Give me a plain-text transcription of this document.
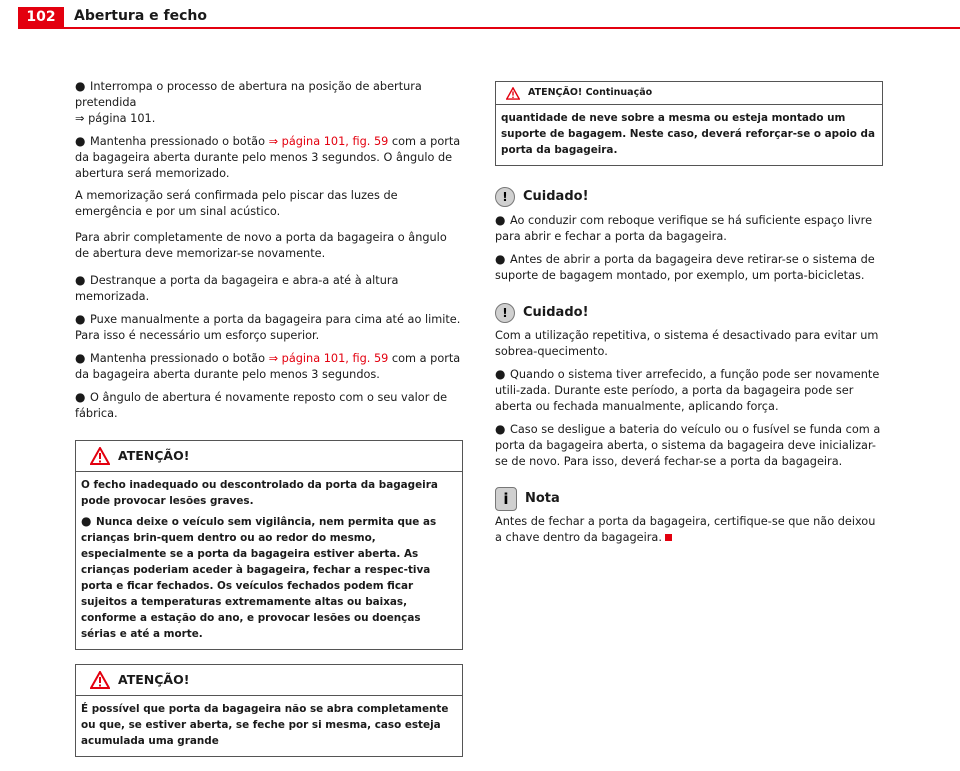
102	Abertura e fecho

● Interrompa o processo de abertura na posição de abertura pretendida
⇒ página 101.

● Mantenha pressionado o botão ⇒ página 101, fig. 59 com a porta da bagageira aberta durante pelo menos 3 segundos. O ângulo de abertura será memorizado.

A memorização será confirmada pelo piscar das luzes de emergência e por um sinal acústico.

Para abrir completamente de novo a porta da bagageira o ângulo de abertura deve memorizar-se novamente.

● Destranque a porta da bagageira e abra-a até à altura memorizada.

● Puxe manualmente a porta da bagageira para cima até ao limite. Para isso é necessário um esforço superior.

● Mantenha pressionado o botão ⇒ página 101, fig. 59 com a porta da bagageira aberta durante pelo menos 3 segundos.

● O ângulo de abertura é novamente reposto com o seu valor de fábrica.

ATENÇÃO!

O fecho inadequado ou descontrolado da porta da bagageira pode provocar lesões graves.

● Nunca deixe o veículo sem vigilância, nem permita que as crianças brin-quem dentro ou ao redor do mesmo, especialmente se a porta da bagageira estiver aberta. As crianças poderiam aceder à bagageira, fechar a respec-tiva porta e ficar fechados. Os veículos fechados podem ficar sujeitos a temperaturas extremamente altas ou baixas, conforme a estação do ano, e provocar lesões ou doenças sérias e até a morte.

ATENÇÃO!

É possível que porta da bagageira não se abra completamente ou que, se estiver aberta, se feche por si mesma, caso esteja acumulada uma grande

ATENÇÃO! Continuação

quantidade de neve sobre a mesma ou esteja montado um suporte de bagagem. Neste caso, deverá reforçar-se o apoio da porta da bagageira.

!	Cuidado!

● Ao conduzir com reboque verifique se há suficiente espaço livre para abrir e fechar a porta da bagageira.

● Antes de abrir a porta da bagageira deve retirar-se o sistema de suporte de bagagem montado, por exemplo, um porta-bicicletas.

!	Cuidado!

Com a utilização repetitiva, o sistema é desactivado para evitar um sobrea-quecimento.

● Quando o sistema tiver arrefecido, a função pode ser novamente utili-zada. Durante este período, a porta da bagageira pode ser aberta ou fechada manualmente, aplicando força.

● Caso se desligue a bateria do veículo ou o fusível se funda com a porta da bagageira aberta, o sistema da bagageira deve inicializar-se de novo. Para isso, deverá fechar-se a porta da bagageira.

i	Nota

Antes de fechar a porta da bagageira, certifique-se que não deixou a chave dentro da bagageira.
